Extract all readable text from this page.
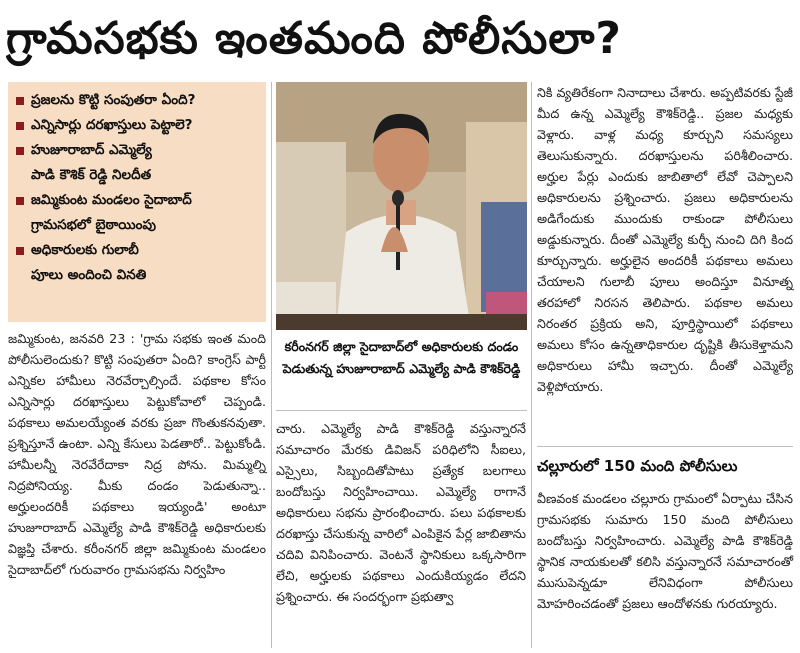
గ్రామసభకు ఇంతమంది పోలీసులా?
ప్రజలను కొట్టి సంపుతరా ఏంది?
ఎన్నిసార్లు దరఖాస్తులు పెట్టాలె?
హుజూరాబాద్ ఎమ్మెల్యే
పాడి కౌశిక్ రెడ్డి నిలదీత
జమ్మికుంట మండలం సైదాబాద్
గ్రామసభలో బైఠాయింపు
అధికారులకు గులాబీ
పూలు అందించి వినతి

జమ్మికుంట, జనవరి 23 : 'గ్రామ సభకు ఇంత మంది పోలీసులెందుకు? కొట్టి సంపుతరా ఏంది? కాంగ్రెస్ పార్టీ ఎన్నికల హామీలు నెరవేర్చాల్సిందే. పథకాల కోసం ఎన్నిసార్లు దరఖాస్తులు పెట్టుకోవాలో చెప్పండి. పథకాలు అమలయ్యేంత వరకు ప్రజా గొంతుకనవుతా. ప్రశ్నిస్తూనే ఉంటా. ఎన్ని కేసులు పెడతారో.. పెట్టుకోండి. హామీలన్నీ నెరవేరేదాకా నిద్ర పోను. మిమ్మల్ని నిద్రపోనియ్య. మీకు దండం పెడుతున్నా.. అర్హులందరికీ పథకాలు ఇయ్యండి' అంటూ హుజూరాబాద్ ఎమ్మెల్యే పాడి కౌశిక్‌రెడ్డి అధికారులకు విజ్ఞప్తి చేశారు. కరీంనగర్ జిల్లా జమ్మికుంట మండలం సైదాబాద్‌లో గురువారం గ్రామసభను నిర్వహిం

కరీంనగర్ జిల్లా సైదాబాద్‌లో అధికారులకు దండం పెడుతున్న హుజూరాబాద్ ఎమ్మెల్యే పాడి కౌశిక్‌రెడ్డి

చారు. ఎమ్మెల్యే పాడి కౌశిక్‌రెడ్డి వస్తున్నారనే సమాచారం మేరకు డివిజన్ పరిధిలోని సీఐలు, ఎస్సైలు, సిబ్బందితోపాటు ప్రత్యేక బలగాలు బందోబస్తు నిర్వహించాయి. ఎమ్మెల్యే రాగానే అధికారులు సభను ప్రారంభించారు. పలు పథకాలకు దరఖాస్తు చేసుకున్న వారిలో ఎంపికైన పేర్ల జాబితాను చదివి వినిపించారు. వెంటనే స్థానికులు ఒక్కసారిగా లేచి, అర్హులకు పథకాలు ఎందుకియ్యడం లేదని ప్రశ్నించారు. ఈ సందర్భంగా ప్రభుత్వా

నికి వ్యతిరేకంగా నినాదాలు చేశారు. అప్పటివరకు స్టేజీ మీద ఉన్న ఎమ్మెల్యే కౌశిక్‌రెడ్డి.. ప్రజల మధ్యకు వెళ్లారు. వాళ్ల మధ్య కూర్చుని సమస్యలు తెలుసుకున్నారు. దరఖాస్తులను పరిశీలించారు. అర్హుల పేర్లు ఎందుకు జాబితాలో లేవో చెప్పాలని అధికారులను ప్రశ్నించారు. ప్రజలు అధికారులను అడిగేందుకు ముందుకు రాకుండా పోలీసులు అడ్డుకున్నారు. దీంతో ఎమ్మెల్యే కుర్చీ నుంచి దిగి కింద కూర్చున్నారు. అర్హులైన అందరికీ పథకాలు అమలు చేయాలని గులాబీ పూలు అందిస్తూ వినూత్న తరహాలో నిరసన తెలిపారు. పథకాల అమలు నిరంతర ప్రక్రియ అని, పూర్తిస్థాయిలో పథకాలు అమలు కోసం ఉన్నతాధికారుల దృష్టికి తీసుకెళ్తామని అధికారులు హామీ ఇచ్చారు. దీంతో ఎమ్మెల్యే వెళ్లిపోయారు.

చల్లూరులో 150 మంది పోలీసులు

వీణవంక మండలం చల్లూరు గ్రామంలో ఏర్పాటు చేసిన గ్రామసభకు సుమారు 150 మంది పోలీసులు బందోబస్తు నిర్వహించారు. ఎమ్మెల్యే పాడి కౌశిక్‌రెడ్డి స్థానిక నాయకులతో కలిసి వస్తున్నారనే సమాచారంతో ముసుపెన్నడూ లేనివిధంగా పోలీసులు మోహరించడంతో ప్రజలు ఆందోళనకు గురయ్యారు.
